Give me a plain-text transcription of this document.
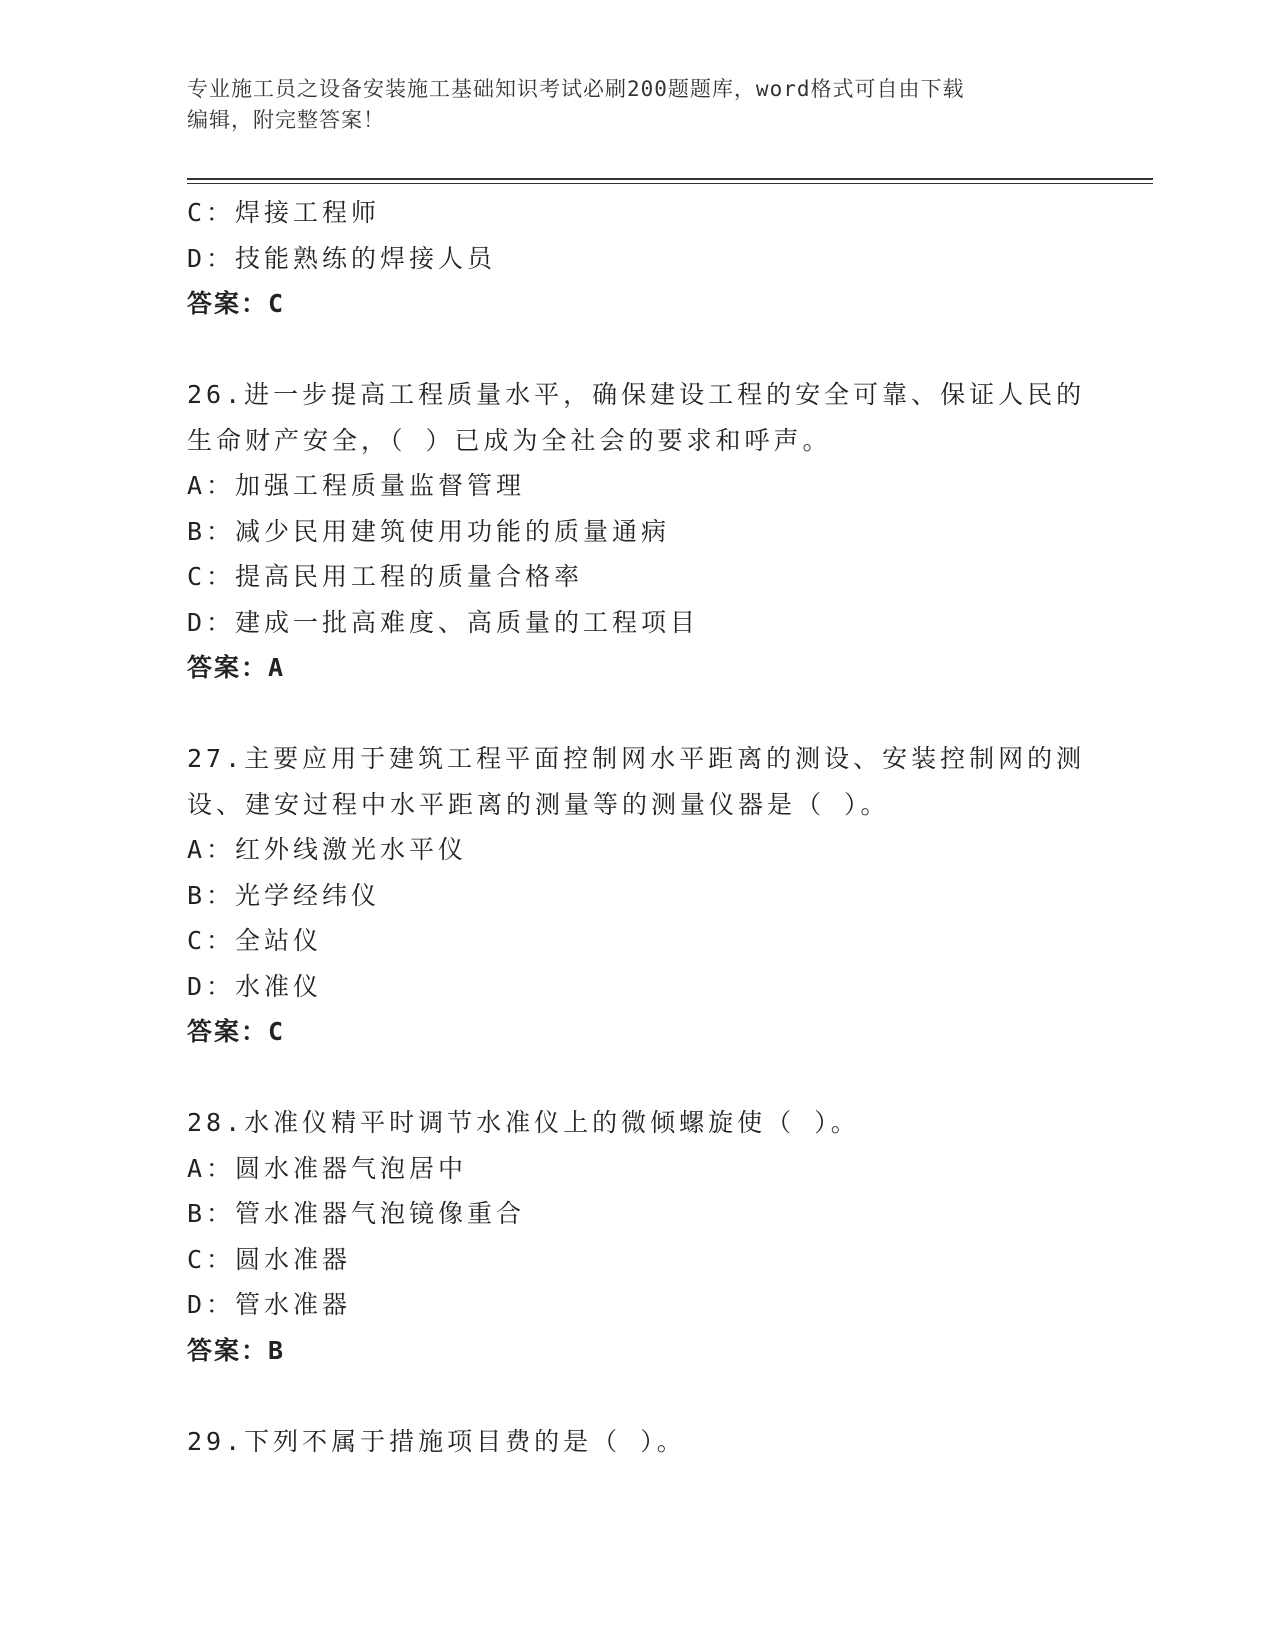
专业施工员之设备安装施工基础知识考试必刷200题题库，word格式可自由下载
编辑，附完整答案！
C：焊接工程师
D：技能熟练的焊接人员
答案：C
26.进一步提高工程质量水平，确保建设工程的安全可靠、保证人民的
生命财产安全，（ ）已成为全社会的要求和呼声。
A：加强工程质量监督管理
B：减少民用建筑使用功能的质量通病
C：提高民用工程的质量合格率
D：建成一批高难度、高质量的工程项目
答案：A
27.主要应用于建筑工程平面控制网水平距离的测设、安装控制网的测
设、建安过程中水平距离的测量等的测量仪器是（ ）。
A：红外线激光水平仪
B：光学经纬仪
C：全站仪
D：水准仪
答案：C
28.水准仪精平时调节水准仪上的微倾螺旋使（ ）。
A：圆水准器气泡居中
B：管水准器气泡镜像重合
C：圆水准器
D：管水准器
答案：B
29.下列不属于措施项目费的是（ ）。
